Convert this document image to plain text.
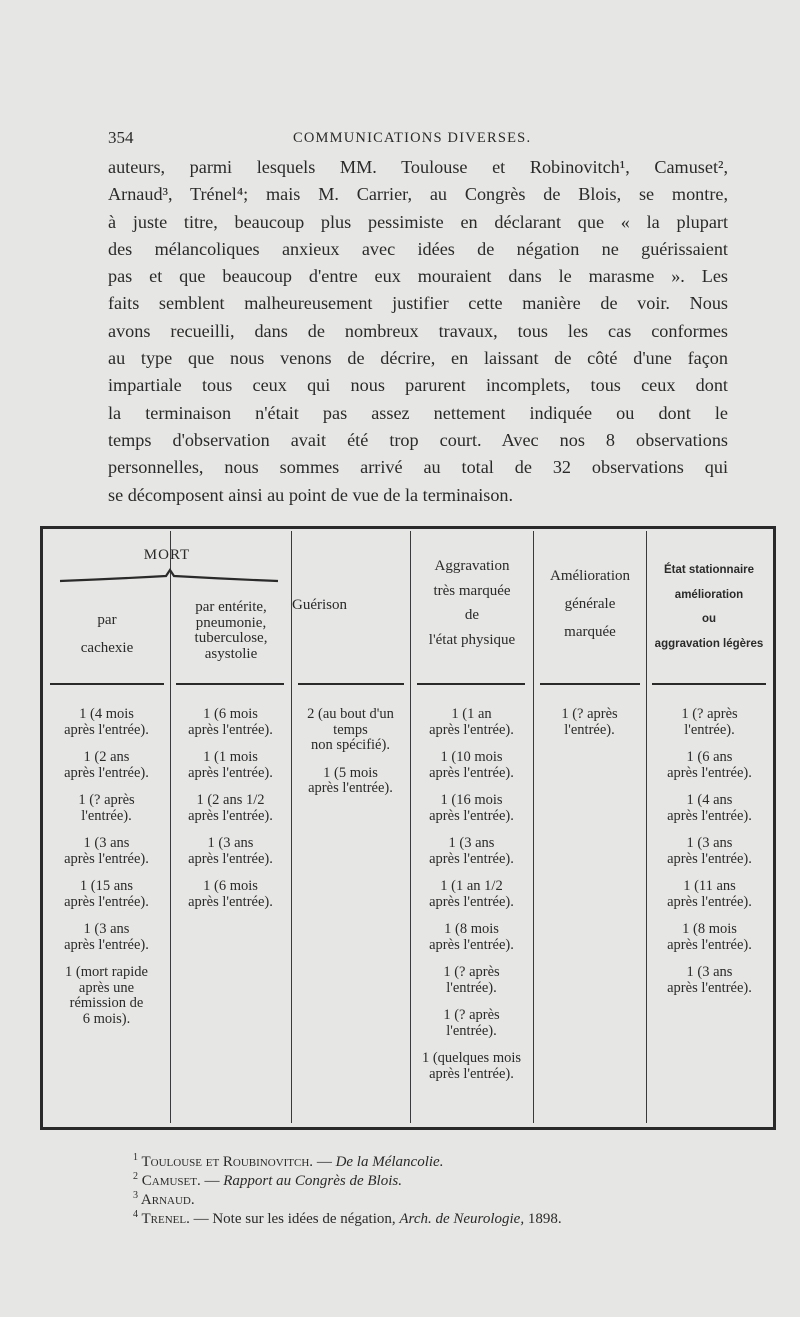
354	COMMUNICATIONS DIVERSES.
auteurs, parmi lesquels MM. Toulouse et Robinovitch¹, Camuset²,
Arnaud³, Trénel⁴; mais M. Carrier, au Congrès de Blois, se montre,
à juste titre, beaucoup plus pessimiste en déclarant que « la plupart
des mélancoliques anxieux avec idées de négation ne guérissaient
pas et que beaucoup d'entre eux mouraient dans le marasme ». Les
faits semblent malheureusement justifier cette manière de voir. Nous
avons recueilli, dans de nombreux travaux, tous les cas conformes
au type que nous venons de décrire, en laissant de côté d'une façon
impartiale tous ceux qui nous parurent incomplets, tous ceux dont
la terminaison n'était pas assez nettement indiquée ou dont le
temps d'observation avait été trop court. Avec nos 8 observations
personnelles, nous sommes arrivé au total de 32 observations qui
se décomposent ainsi au point de vue de la terminaison.
MORT
par
cachexie
par entérite,
pneumonie,
tuberculose,
asystolie
Guérison
Aggravation
très marquée
de
l'état physique
Amélioration
générale
marquée
État stationnaire
amélioration
ou
aggravation légères
1 (4 mois
après l'entrée).
1 (2 ans
après l'entrée).
1 (? après
l'entrée).
1 (3 ans
après l'entrée).
1 (15 ans
après l'entrée).
1 (3 ans
après l'entrée).
1 (mort rapide
après une
rémission de
6 mois).
1 (6 mois
après l'entrée).
1 (1 mois
après l'entrée).
1 (2 ans 1/2
après l'entrée).
1 (3 ans
après l'entrée).
1 (6 mois
après l'entrée).
2 (au bout d'un
temps
non spécifié).
1 (5 mois
après l'entrée).
1 (1 an
après l'entrée).
1 (10 mois
après l'entrée).
1 (16 mois
après l'entrée).
1 (3 ans
après l'entrée).
1 (1 an 1/2
après l'entrée).
1 (8 mois
après l'entrée).
1 (? après
l'entrée).
1 (? après
l'entrée).
1 (quelques mois
après l'entrée).
1 (? après
l'entrée).
1 (? après
l'entrée).
1 (6 ans
après l'entrée).
1 (4 ans
après l'entrée).
1 (3 ans
après l'entrée).
1 (11 ans
après l'entrée).
1 (8 mois
après l'entrée).
1 (3 ans
après l'entrée).
$^1$ Toulouse et Roubinovitch. — De la Mélancolie.
$^2$ Camuset. — Rapport au Congrès de Blois.
$^3$ Arnaud.
$^4$ Trenel. — Note sur les idées de négation, Arch. de Neurologie, 1898.
